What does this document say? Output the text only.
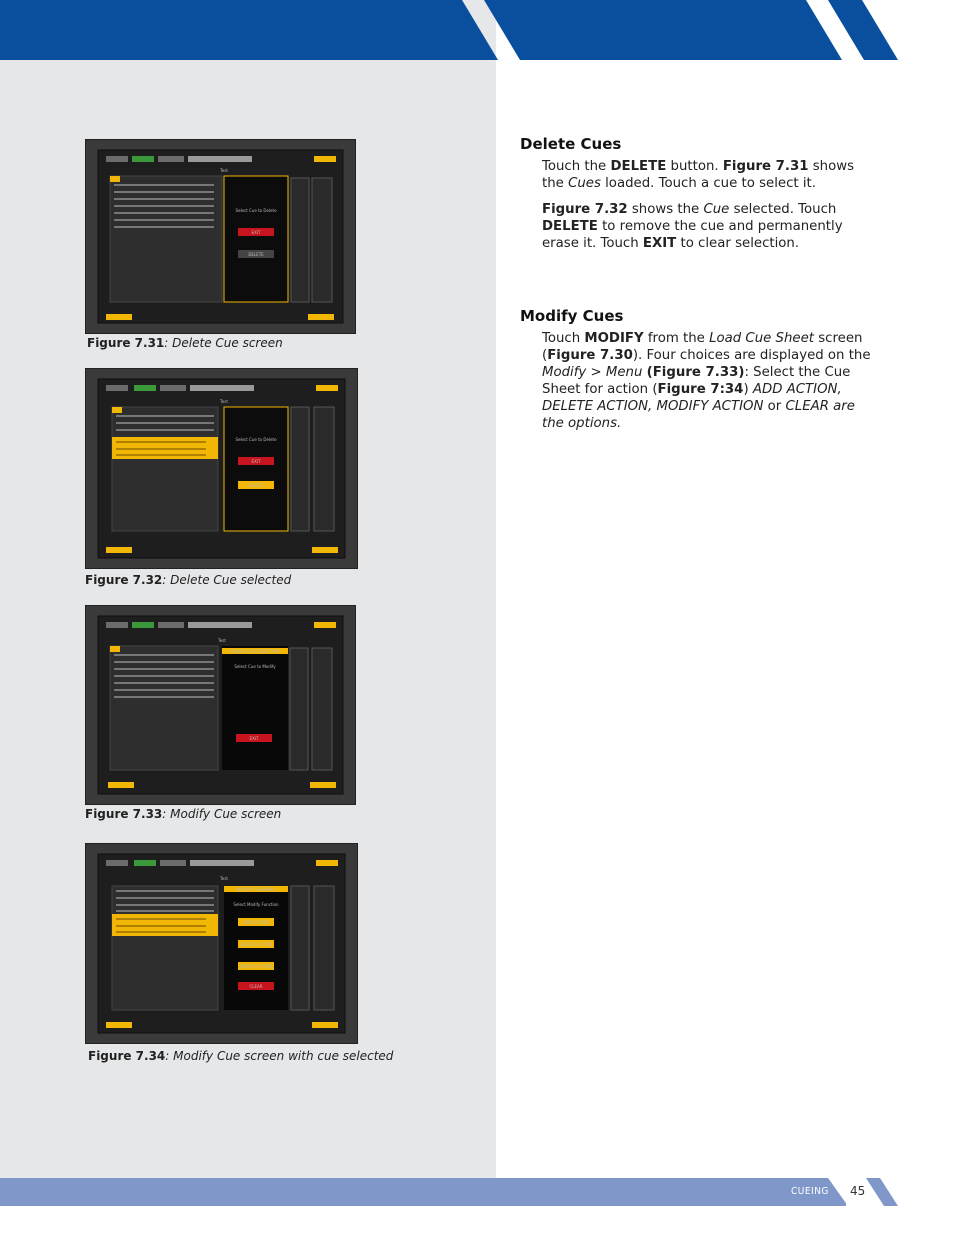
CUEING 45
Select Cue to Delete
EXIT
DELETE
Test
Figure 7.31: Delete Cue screen
Select Cue to Delete
EXIT
DELETE
Test
Figure 7.32: Delete Cue selected
MODIFY CUE SELECTION
Select Cue to Modify
EXIT
Test
Figure 7.33: Modify Cue screen
MODIFY CUE MENU
Select Modify Function
ADD ACTION
DELETE ACTION
MODIFY ACTION
CLEAR
Test
Figure 7.34: Modify Cue screen with cue selected
Delete Cues
Touch the DELETE button. Figure 7.31 shows the Cues loaded. Touch a cue to select it.
Figure 7.32 shows the Cue selected. Touch DELETE to remove the cue and permanently erase it. Touch EXIT to clear selection.
Modify Cues
Touch MODIFY from the Load Cue Sheet screen (Figure 7.30). Four choices are displayed on the Modify > Menu (Figure 7.33): Select the Cue Sheet for action (Figure 7:34) ADD ACTION, DELETE ACTION, MODIFY ACTION or CLEAR are the options.
